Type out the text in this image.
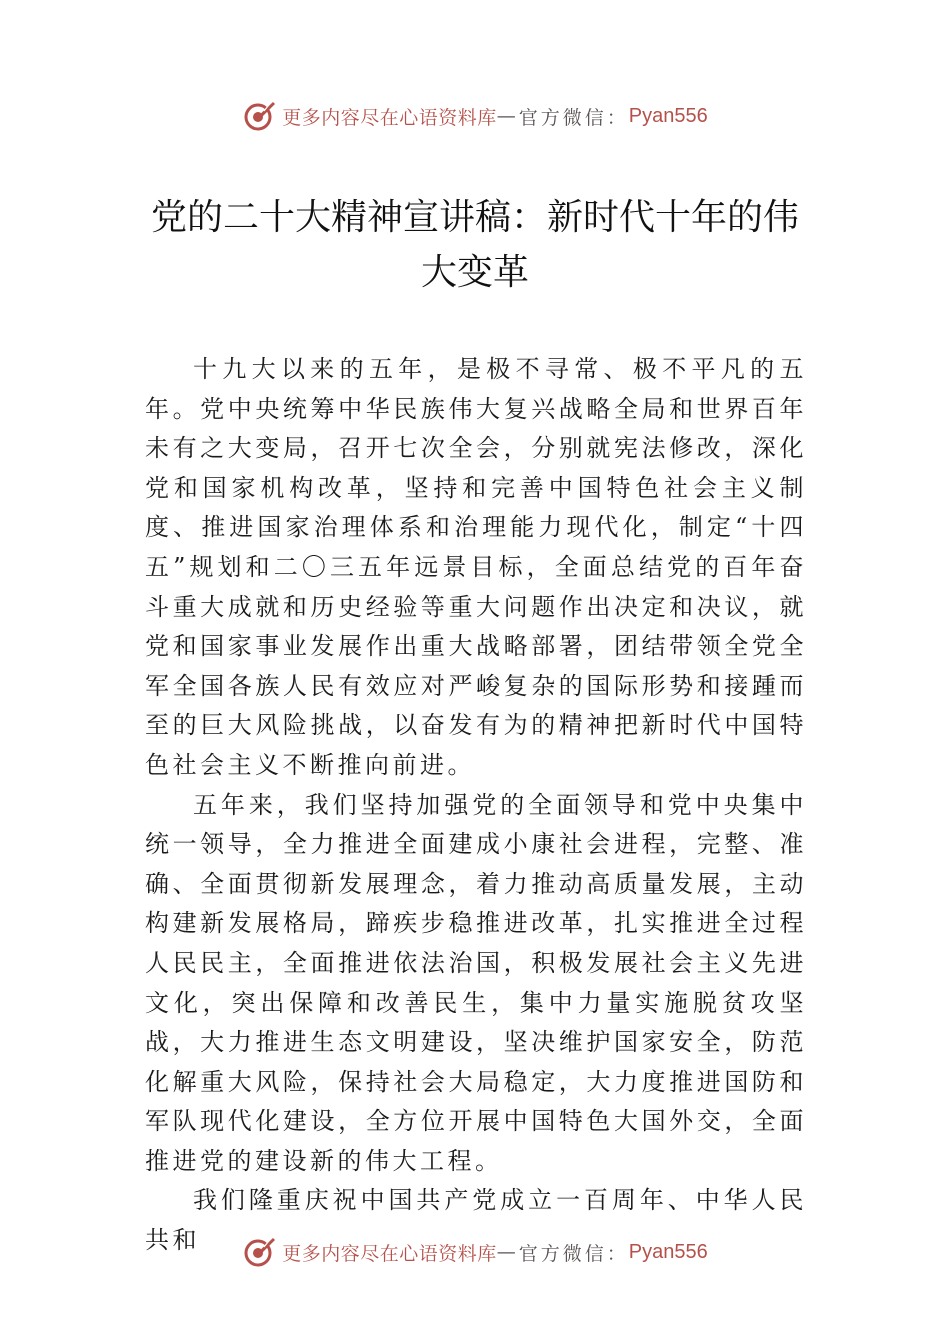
更多内容尽在心语资料库 — 官方微信： Pyan556
党的二十大精神宣讲稿：新时代十年的伟大变革

十九大以来的五年，是极不寻常、极不平凡的五年。党中央统筹中华民族伟大复兴战略全局和世界百年未有之大变局，召开七次全会，分别就宪法修改，深化党和国家机构改革，坚持和完善中国特色社会主义制度、推进国家治理体系和治理能力现代化，制定“十四五”规划和二〇三五年远景目标，全面总结党的百年奋斗重大成就和历史经验等重大问题作出决定和决议，就党和国家事业发展作出重大战略部署，团结带领全党全军全国各族人民有效应对严峻复杂的国际形势和接踵而至的巨大风险挑战，以奋发有为的精神把新时代中国特色社会主义不断推向前进。

五年来，我们坚持加强党的全面领导和党中央集中统一领导，全力推进全面建成小康社会进程，完整、准确、全面贯彻新发展理念，着力推动高质量发展，主动构建新发展格局，蹄疾步稳推进改革，扎实推进全过程人民民主，全面推进依法治国，积极发展社会主义先进文化，突出保障和改善民生，集中力量实施脱贫攻坚战，大力推进生态文明建设，坚决维护国家安全，防范化解重大风险，保持社会大局稳定，大力度推进国防和军队现代化建设，全方位开展中国特色大国外交，全面推进党的建设新的伟大工程。

我们隆重庆祝中国共产党成立一百周年、中华人民共和	更多内容尽在心语资料库 — 官方微信： Pyan556
